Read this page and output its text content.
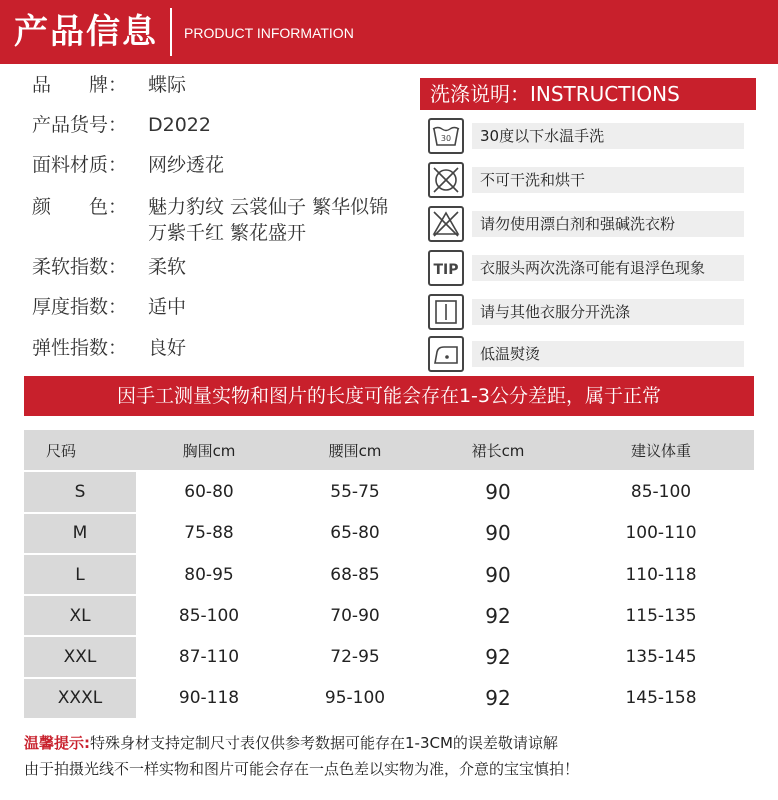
产品信息 PRODUCT INFORMATION
品　　牌：	蝶际
产品货号：	D2022
面料材质：	网纱透花
颜　　色：	魅力豹纹 云裳仙子 繁华似锦
万紫千红 繁花盛开
柔软指数：	柔软
厚度指数：	适中
弹性指数：	良好
洗涤说明：INSTRUCTIONS
30	30度以下水温手洗
不可干洗和烘干
请勿使用漂白剂和强碱洗衣粉
TIP	衣服头两次洗涤可能有退浮色现象
请与其他衣服分开洗涤
低温熨烫
因手工测量实物和图片的长度可能会存在1-3公分差距，属于正常
尺码	胸围cm	腰围cm	裙长cm	建议体重
S	60-80	55-75	90	85-100
M	75-88	65-80	90	100-110
L	80-95	68-85	90	110-118
XL	85-100	70-90	92	115-135
XXL	87-110	72-95	92	135-145
XXXL	90-118	95-100	92	145-158
温馨提示:特殊身材支持定制尺寸表仅供参考数据可能存在1-3CM的误差敬请谅解
由于拍摄光线不一样实物和图片可能会存在一点色差以实物为准，介意的宝宝慎拍！
